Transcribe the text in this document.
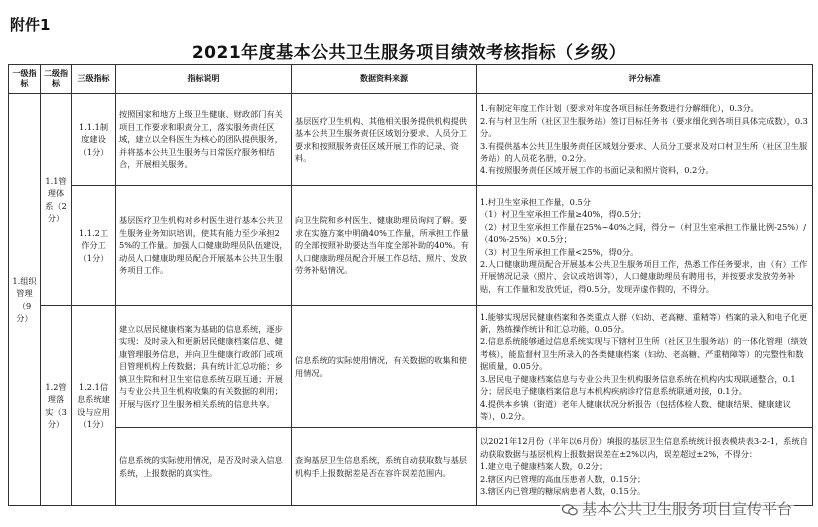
附件1
2021年度基本公共卫生服务项目绩效考核指标（乡级）
一级指标	二级指标	三级指标	指标说明	数据资料来源	评分标准
1.组织管理（9分）	1.1管理体系（2分）	1.1.1制度建设（1分）	按照国家和地方上级卫生健康、财政部门有关项目工作要求和职责分工，落实服务责任区域，建立以全科医生为核心的团队提供服务，并将基本公共卫生服务与日常医疗服务相结合，开展相关服务。	基层医疗卫生机构、其他相关服务提供机构提供基本公共卫生服务责任区域划分要求、人员分工要求和按照服务责任区域开展工作的记录、资料。	1.有制定年度工作计划（要求对年度各项目标任务数进行分解细化），0.3分。
2.有与村卫生所（社区卫生服务站）签订目标任务书（要求细化到各项目具体完成数），0.3分。
3.有提供基本公共卫生服务责任区域划分要求、人员分工要求及对口村卫生所（社区卫生服务站）的人员花名册，0.2分。
4.有按照服务责任区域开展工作的书面记录和照片资料，0.2分。
		1.1.2工作分工（1分）	基层医疗卫生机构对乡村医生进行基本公共卫生服务业务知识培训，使其有能力至少承担25%的工作量。加强人口健康助理员队伍建设，动员人口健康助理员配合开展基本公共卫生服务项目工作。	向卫生院和乡村医生、健康助理员询问了解。要求在实施方案中明确40%工作量，所承担工作量的全部按照补助要达当年度全部补助的40%。有人口健康助理员配合开展工作总结、照片、发放劳务补贴情况。	1.村卫生室承担工作量，0.5分
（1）村卫生室承担工作量≥40%，得0.5分；
（2）村卫生室承担工作量在25%~40%之间，得分＝（村卫生室承担工作量比例-25%）/（40%-25%）×0.5分；
（3）村卫生所承担工作量<25%，得0分。
2.人口健康助理员配合开展基本公共卫生服务项目工作，热悉工作任务要求，由（有）工作开展情况记录（照片、会议或培训等），人口健康助理员有聘用书，并按要求发放劳务补贴，有工作量和发放凭证，得0.5分，发现弄虚作假的，不得分。
	1.2管理落实（3分）	1.2.1信息系统建设与应用（1分）	建立以居民健康档案为基础的信息系统，逐步实现：及时录入和更新居民健康档案信息、健康管理服务信息，并向卫生健康行政部门或项目管理机构上传数据；具有统计汇总功能；乡镇卫生院和村卫生室信息系统互联互通；开展与专业公共卫生机构收集的有关数据的利用；开展与医疗卫生服务相关系统的信息共享。	信息系统的实际使用情况，有关数据的收集和使用情况。	1.能够实现居民健康档案和各类重点人群（妇幼、老高糖、重精等）档案的录入和电子化更新，熟练操作统计和汇总功能，0.05分。
2.信息系统能够通过信息系统实现与下辖村卫生所（社区卫生服务站）的一体化管理（绩效考核），能监督村卫生所录入的各类健康档案（妇幼、老高糖、严重精障等）的完整性和数据质量，0.05分。
3.居民电子健康档案信息与专业公共卫生机构服务信息系统在机构内实现联通整合，0.1分；居民电子健康档案信息与本机构疾病诊疗信息系统联通对接，0.1分。
4.提供本乡镇（街道）老年人健康状况分析报告（包括体检人数、健康结果、健康建议等），0.2分。
			信息系统的实际使用情况，是否及时录入信息系统，上报数据的真实性。	查询基层卫生信息系统，系统自动获取数与基层机构手上报数据差是否在容许误差范围内。	以2021年12月份（半年以6月份）填报的基层卫生信息系统统计报表模块表3-2-1，系统自动获取数据与基层机构上报数据误差在±2%以内，误差超过±2%，不得分：
1.建立电子健康档案人数，0.2分；
2.辖区内已管理的高血压患者人数，0.15分；
3.辖区内已管理的糖尿病患者人数，0.15分。
基本公共卫生服务项目宣传平台
